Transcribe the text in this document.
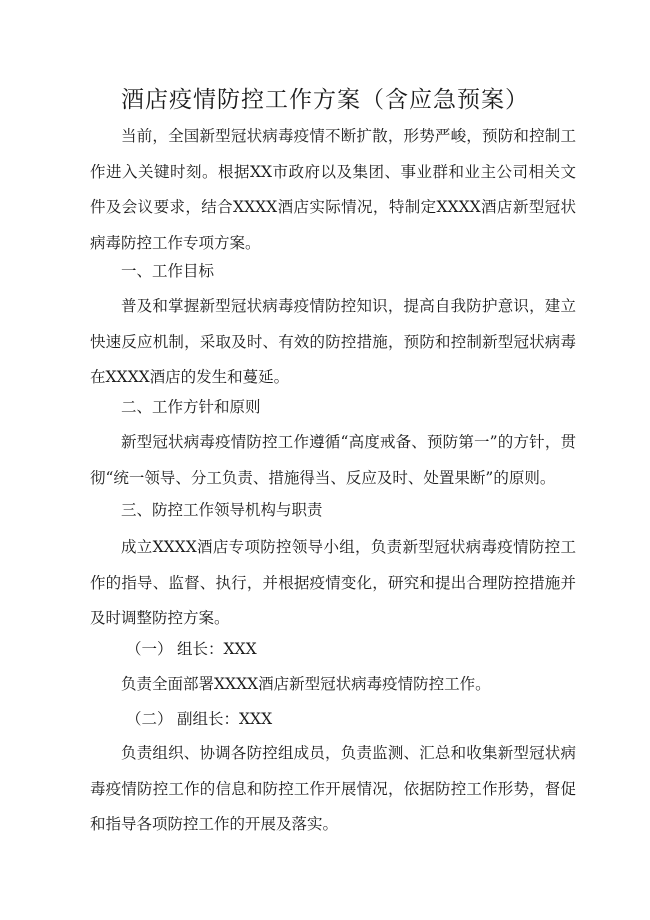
酒店疫情防控工作方案（含应急预案）

当前，全国新型冠状病毒疫情不断扩散，形势严峻，预防和控制工作进入关键时刻。根据XX市政府以及集团、事业群和业主公司相关文件及会议要求，结合XXXX酒店实际情况，特制定XXXX酒店新型冠状病毒防控工作专项方案。

一、工作目标

普及和掌握新型冠状病毒疫情防控知识，提高自我防护意识，建立快速反应机制，采取及时、有效的防控措施，预防和控制新型冠状病毒在XXXX酒店的发生和蔓延。

二、工作方针和原则

新型冠状病毒疫情防控工作遵循“高度戒备、预防第一”的方针，贯彻“统一领导、分工负责、措施得当、反应及时、处置果断”的原则。

三、防控工作领导机构与职责

成立XXXX酒店专项防控领导小组，负责新型冠状病毒疫情防控工作的指导、监督、执行，并根据疫情变化，研究和提出合理防控措施并及时调整防控方案。

（一） 组长：XXX

负责全面部署XXXX酒店新型冠状病毒疫情防控工作。

（二） 副组长：XXX

负责组织、协调各防控组成员，负责监测、汇总和收集新型冠状病毒疫情防控工作的信息和防控工作开展情况，依据防控工作形势，督促和指导各项防控工作的开展及落实。
